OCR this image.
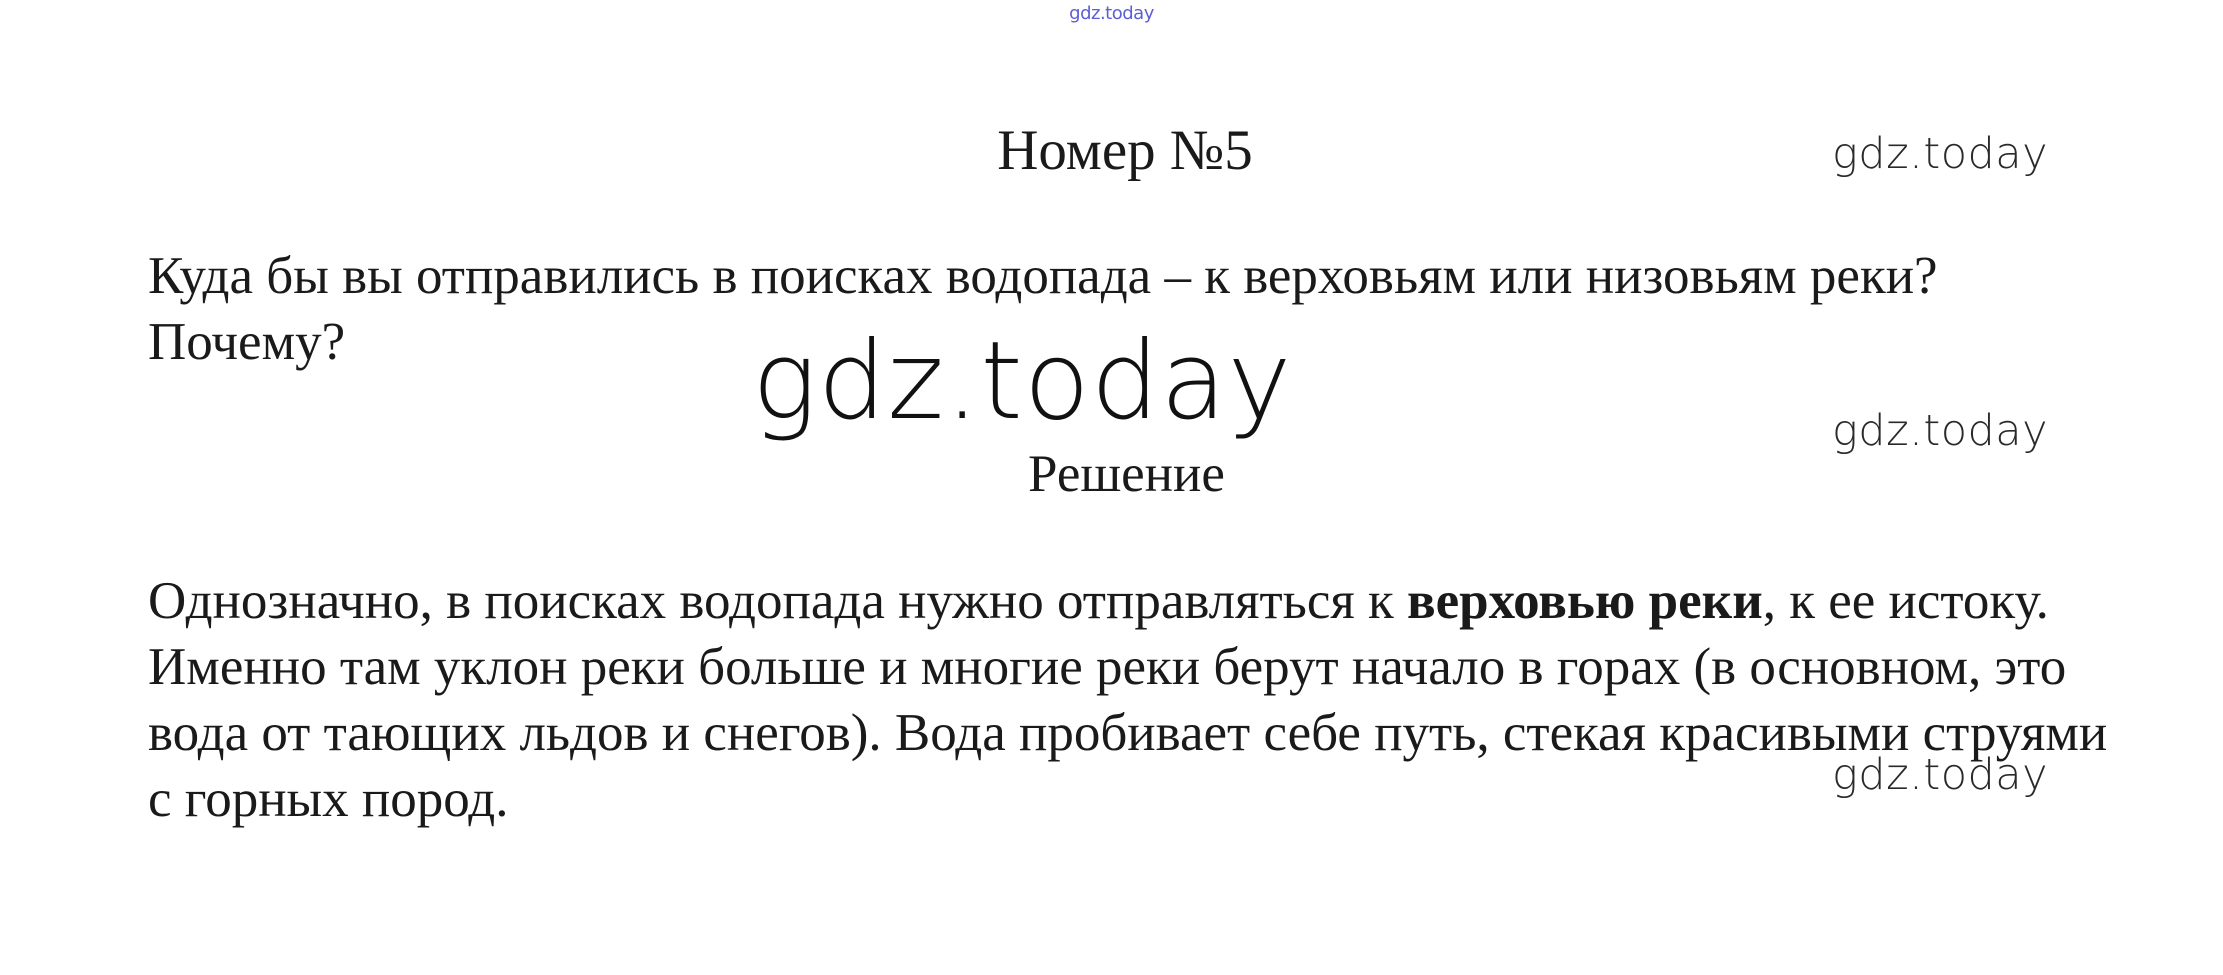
gdz.today
Номер №5	gdz.today
Куда бы вы отправились в поисках водопада – к верховьям или низовьям реки? Почему?	gdz.today	gdz.today
Решение
Однозначно, в поисках водопада нужно отправляться к верховью реки, к ее истоку. Именно там уклон реки больше и многие реки берут начало в горах (в основном, это вода от тающих льдов и снегов). Вода пробивает себе путь, стекая красивыми струями с горных пород.	gdz.today
